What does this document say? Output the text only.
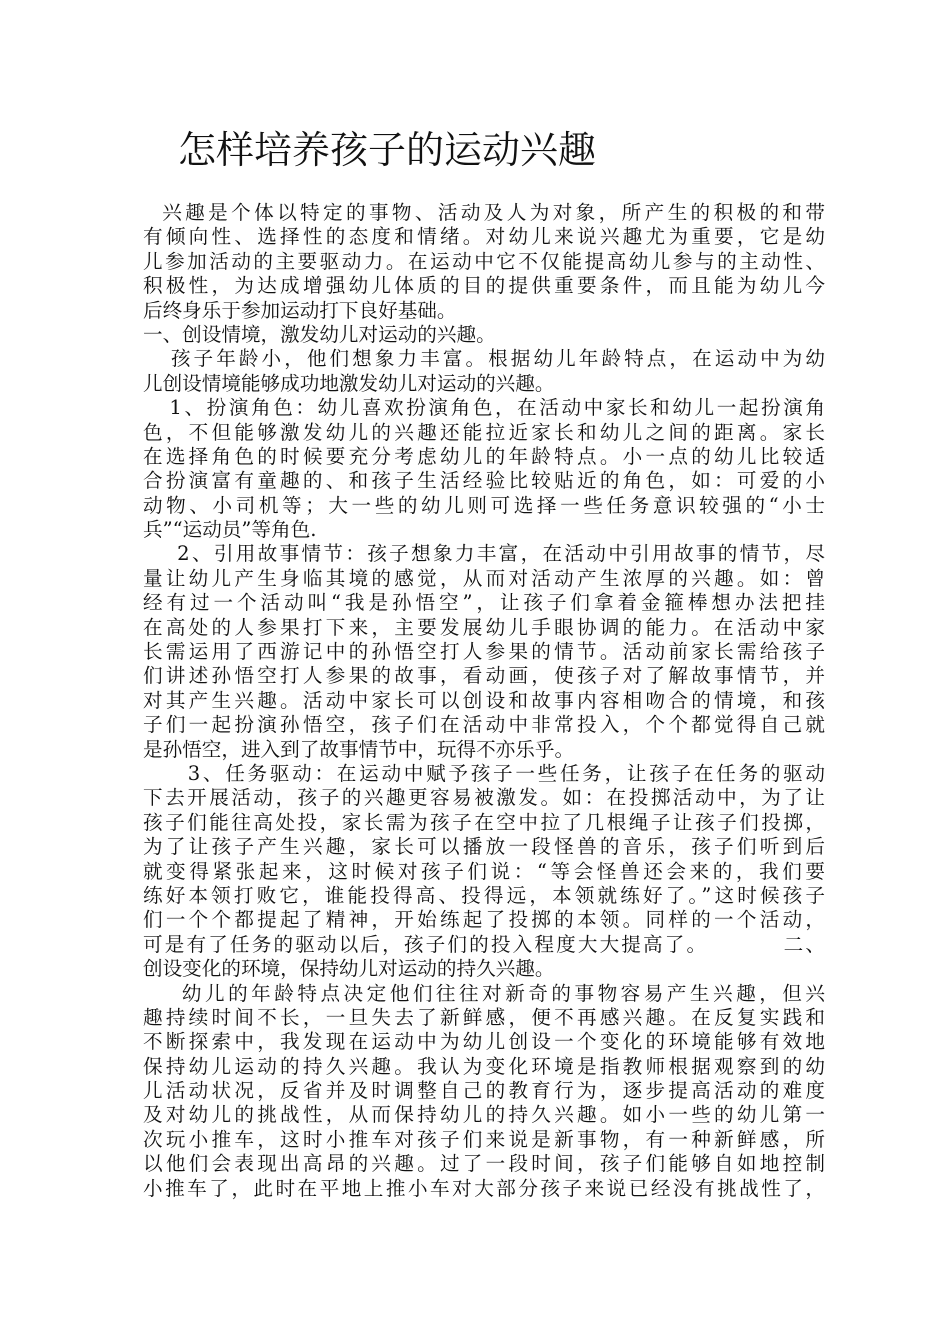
怎样培养孩子的运动兴趣
兴趣是个体以特定的事物、活动及人为对象，所产生的积极的和带
有倾向性、选择性的态度和情绪。对幼儿来说兴趣尤为重要，它是幼
儿参加活动的主要驱动力。在运动中它不仅能提高幼儿参与的主动性、
积极性，为达成增强幼儿体质的目的提供重要条件，而且能为幼儿今
后终身乐于参加运动打下良好基础。
一、创设情境，激发幼儿对运动的兴趣。
孩子年龄小，他们想象力丰富。根据幼儿年龄特点，在运动中为幼
儿创设情境能够成功地激发幼儿对运动的兴趣。
1、扮演角色：幼儿喜欢扮演角色，在活动中家长和幼儿一起扮演角
色，不但能够激发幼儿的兴趣还能拉近家长和幼儿之间的距离。家长
在选择角色的时候要充分考虑幼儿的年龄特点。小一点的幼儿比较适
合扮演富有童趣的、和孩子生活经验比较贴近的角色，如：可爱的小
动物、小司机等；大一些的幼儿则可选择一些任务意识较强的“小士
兵”“运动员”等角色.
2、引用故事情节：孩子想象力丰富，在活动中引用故事的情节，尽
量让幼儿产生身临其境的感觉，从而对活动产生浓厚的兴趣。如：曾
经有过一个活动叫“我是孙悟空”，让孩子们拿着金箍棒想办法把挂
在高处的人参果打下来，主要发展幼儿手眼协调的能力。在活动中家
长需运用了西游记中的孙悟空打人参果的情节。活动前家长需给孩子
们讲述孙悟空打人参果的故事，看动画，使孩子对了解故事情节，并
对其产生兴趣。活动中家长可以创设和故事内容相吻合的情境，和孩
子们一起扮演孙悟空，孩子们在活动中非常投入，个个都觉得自己就
是孙悟空，进入到了故事情节中，玩得不亦乐乎。
3、任务驱动：在运动中赋予孩子一些任务，让孩子在任务的驱动
下去开展活动，孩子的兴趣更容易被激发。如：在投掷活动中，为了让
孩子们能往高处投，家长需为孩子在空中拉了几根绳子让孩子们投掷，
为了让孩子产生兴趣，家长可以播放一段怪兽的音乐，孩子们听到后
就变得紧张起来，这时候对孩子们说：“等会怪兽还会来的，我们要
练好本领打败它，谁能投得高、投得远，本领就练好了。”这时候孩子
们一个个都提起了精神，开始练起了投掷的本领。同样的一个活动，
可是有了任务的驱动以后，孩子们的投入程度大大提高了。         二、
创设变化的环境，保持幼儿对运动的持久兴趣。
幼儿的年龄特点决定他们往往对新奇的事物容易产生兴趣，但兴
趣持续时间不长，一旦失去了新鲜感，便不再感兴趣。在反复实践和
不断探索中，我发现在运动中为幼儿创设一个变化的环境能够有效地
保持幼儿运动的持久兴趣。我认为变化环境是指教师根据观察到的幼
儿活动状况，反省并及时调整自己的教育行为，逐步提高活动的难度
及对幼儿的挑战性，从而保持幼儿的持久兴趣。如小一些的幼儿第一
次玩小推车，这时小推车对孩子们来说是新事物，有一种新鲜感，所
以他们会表现出高昂的兴趣。过了一段时间，孩子们能够自如地控制
小推车了，此时在平地上推小车对大部分孩子来说已经没有挑战性了，
